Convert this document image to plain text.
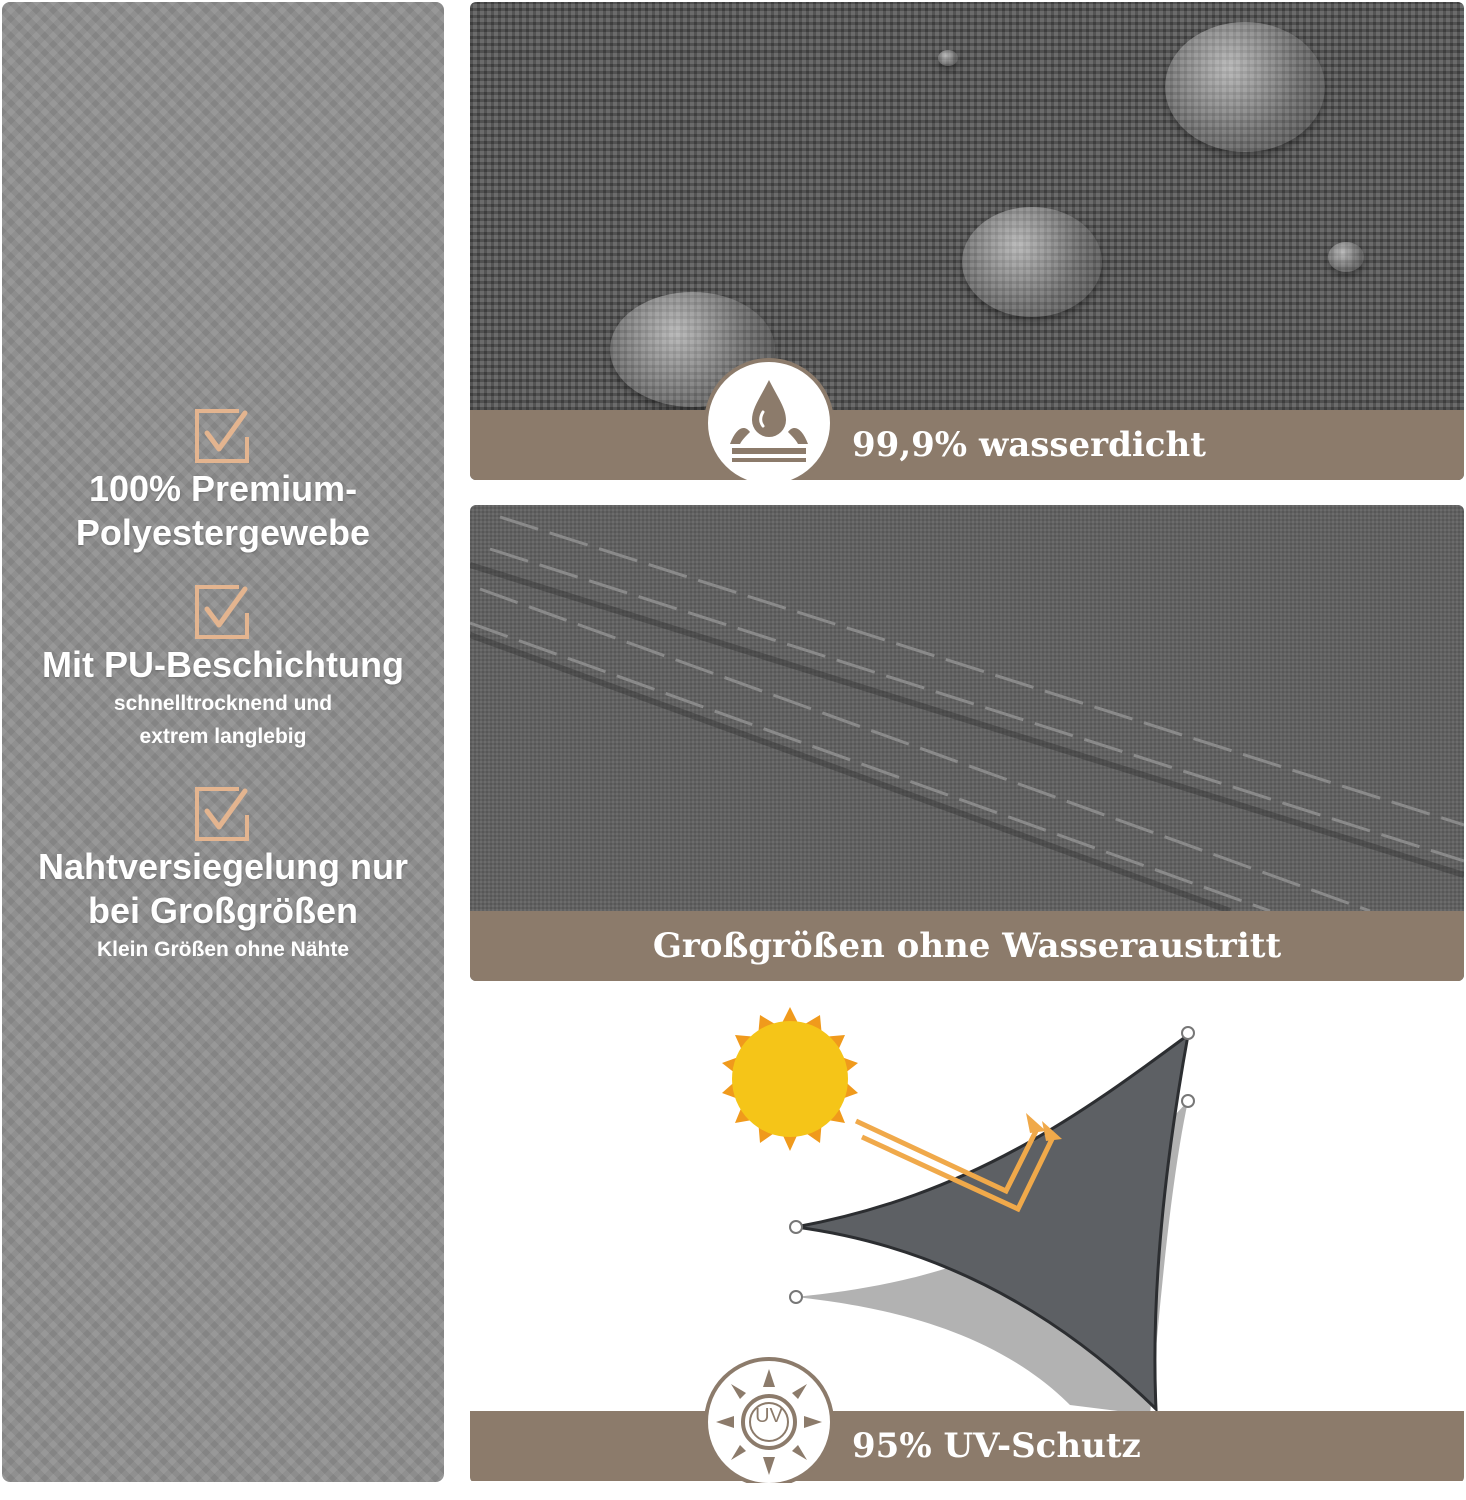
100% Premium-
Polyestergewebe
Mit PU-Beschichtung
schnelltrocknend und
extrem langlebig
Nahtversiegelung nur
bei Großgrößen
Klein Größen ohne Nähte
99,9% wasserdicht
Großgrößen ohne Wasseraustritt
95% UV-Schutz
UV
